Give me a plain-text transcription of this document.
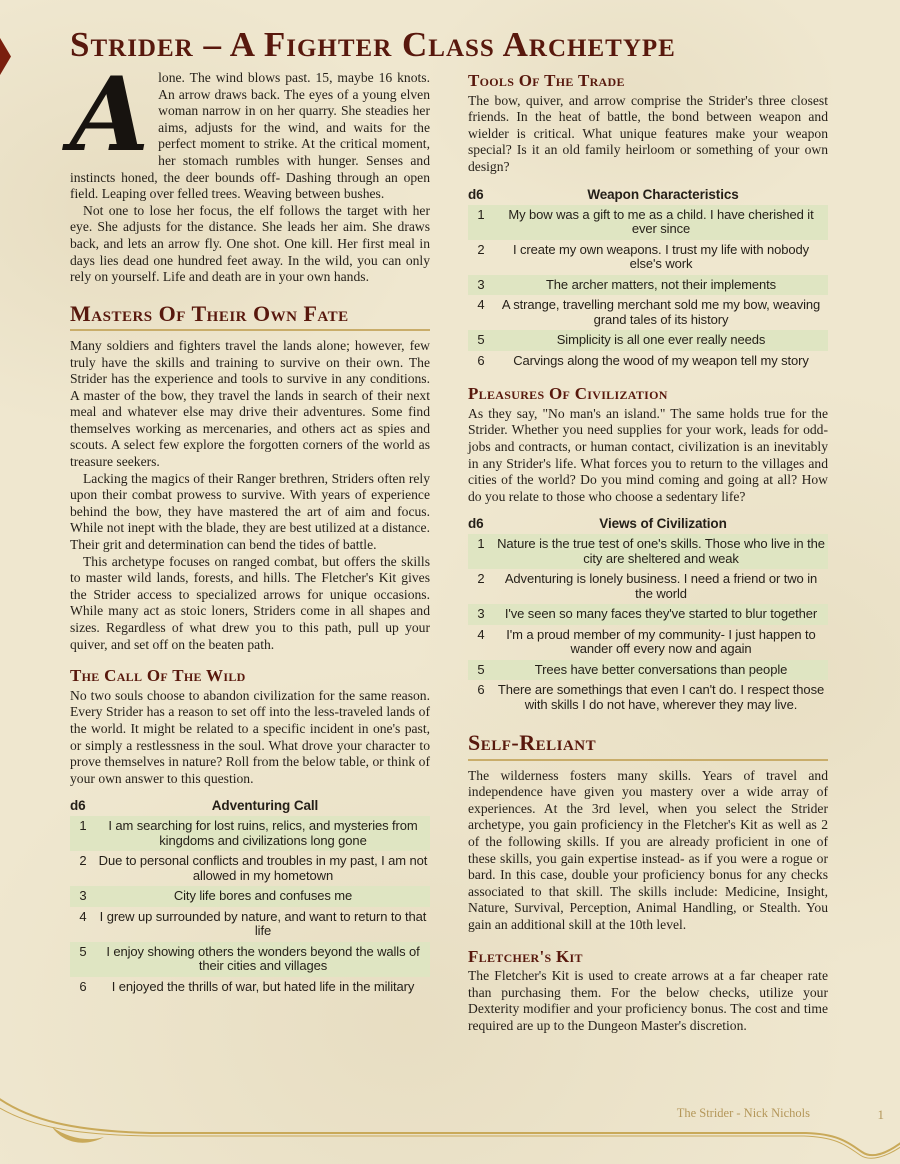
Strider – A Fighter Class Archetype

Alone. The wind blows past. 15, maybe 16 knots. An arrow draws back. The eyes of a young elven woman narrow in on her quarry. She steadies her aims, adjusts for the wind, and waits for the perfect moment to strike. At the critical moment, her stomach rumbles with hunger. Senses and instincts honed, the deer bounds off- Dashing through an open field. Leaping over felled trees. Weaving between bushes.

Not one to lose her focus, the elf follows the target with her eye. She adjusts for the distance. She leads her aim. She draws back, and lets an arrow fly. One shot. One kill. Her first meal in days lies dead one hundred feet away. In the wild, you can only rely on yourself. Life and death are in your own hands.

Masters Of Their Own Fate

Many soldiers and fighters travel the lands alone; however, few truly have the skills and training to survive on their own. The Strider has the experience and tools to survive in any conditions. A master of the bow, they travel the lands in search of their next meal and whatever else may drive their adventures. Some find themselves working as mercenaries, and others act as spies and scouts. A select few explore the forgotten corners of the world as treasure seekers.

Lacking the magics of their Ranger brethren, Striders often rely upon their combat prowess to survive. With years of experience behind the bow, they have mastered the art of aim and focus. While not inept with the blade, they are best utilized at a distance. Their grit and determination can bend the tides of battle.

This archetype focuses on ranged combat, but offers the skills to master wild lands, forests, and hills. The Fletcher's Kit gives the Strider access to specialized arrows for unique occasions. While many act as stoic loners, Striders come in all shapes and sizes. Regardless of what drew you to this path, pull up your quiver, and set off on the beaten path.

The Call Of The Wild

No two souls choose to abandon civilization for the same reason. Every Strider has a reason to set off into the less-traveled lands of the world. It might be related to a specific incident in one's past, or simply a restlessness in the soul. What drove your character to prove themselves in nature? Roll from the below table, or think of your own answer to this question.

d6	Adventuring Call
1	I am searching for lost ruins, relics, and mysteries from kingdoms and civilizations long gone
2 Due to personal conflicts and troubles in my past, I am not allowed in my hometown
3	City life bores and confuses me
4	I grew up surrounded by nature, and want to return to that life
5	I enjoy showing others the wonders beyond the walls of their cities and villages
6	I enjoyed the thrills of war, but hated life in the military
Tools Of The Trade

The bow, quiver, and arrow comprise the Strider's three closest friends. In the heat of battle, the bond between weapon and wielder is critical. What unique features make your weapon special? Is it an old family heirloom or something of your own design?

d6	Weapon Characteristics
1	My bow was a gift to me as a child. I have cherished it ever since
2	I create my own weapons. I trust my life with nobody else's work
3	The archer matters, not their implements
4	A strange, travelling merchant sold me my bow, weaving grand tales of its history
5	Simplicity is all one ever really needs
6	Carvings along the wood of my weapon tell my story
Pleasures Of Civilization

As they say, "No man's an island." The same holds true for the Strider. Whether you need supplies for your work, leads for odd-jobs and contracts, or human contact, civilization is an inevitably in any Strider's life. What forces you to return to the villages and cities of the world? Do you mind coming and going at all? How do you relate to those who choose a sedentary life?

d6	Views of Civilization
1 Nature is the true test of one's skills. Those who live in the city are sheltered and weak
2	Adventuring is lonely business. I need a friend or two in the world
3	I've seen so many faces they've started to blur together
4	I'm a proud member of my community- I just happen to wander off every now and again
5	Trees have better conversations than people
6	There are somethings that even I can't do. I respect those with skills I do not have, wherever they may live.
Self-Reliant

The wilderness fosters many skills. Years of travel and independence have given you mastery over a wide array of experiences. At the 3rd level, when you select the Strider archetype, you gain proficiency in the Fletcher's Kit as well as 2 of the following skills. If you are already proficient in one of these skills, you gain expertise instead- as if you were a rogue or bard. In this case, double your proficiency bonus for any checks associated to that skill. The skills include: Medicine, Insight, Nature, Survival, Perception, Animal Handling, or Stealth. You gain an additional skill at the 10th level.

Fletcher's Kit

The Fletcher's Kit is used to create arrows at a far cheaper rate than purchasing them. For the below checks, utilize your Dexterity modifier and your proficiency bonus. The cost and time required are up to the Dungeon Master's discretion.

The Strider - Nick Nichols	1
